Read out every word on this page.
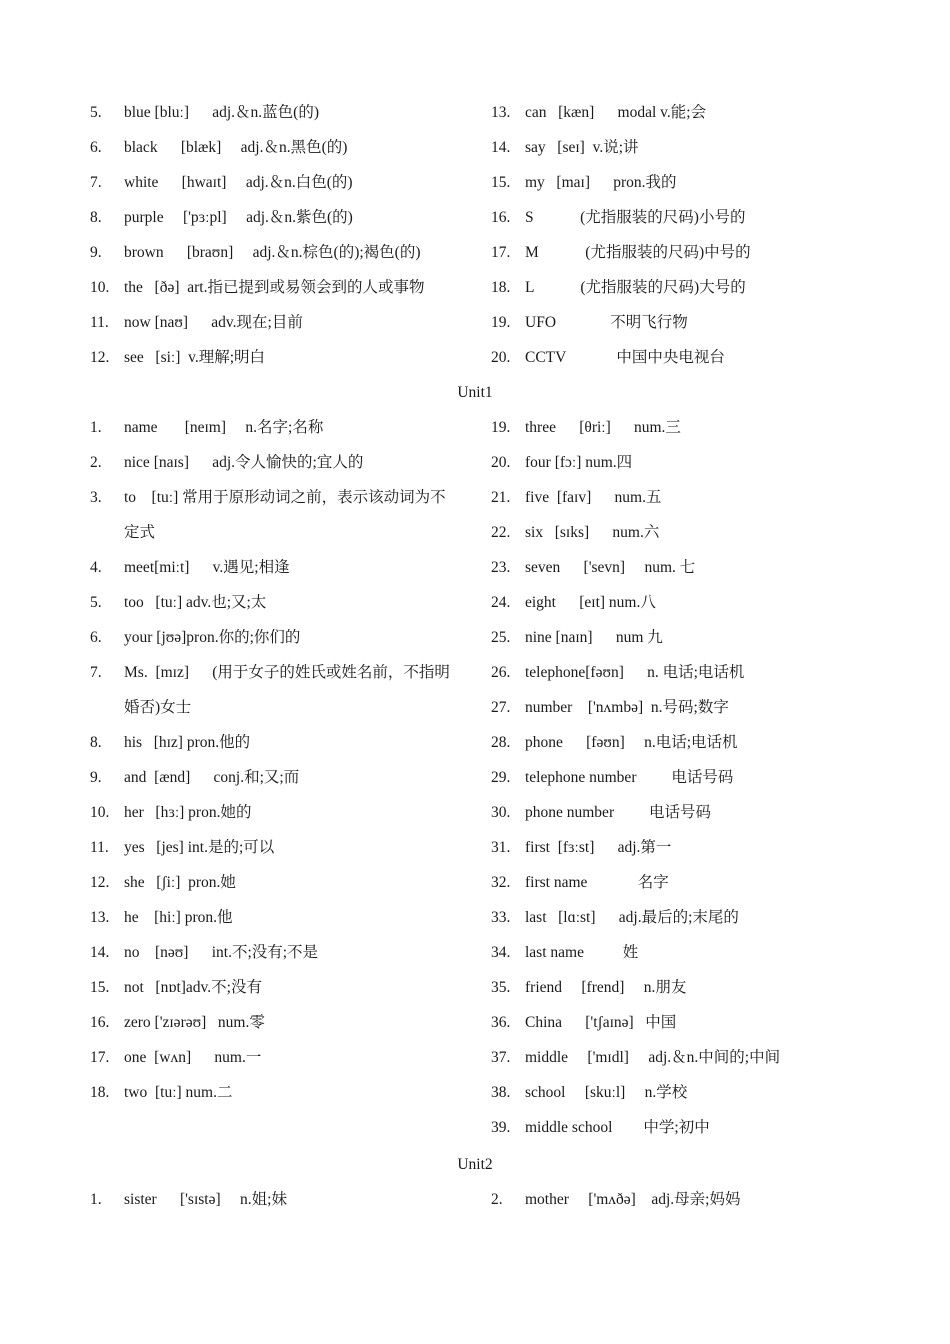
5. blue [bluː]      adj.＆n.蓝色(的)
6. black      [blæk]     adj.＆n.黑色(的)
7. white      [hwaɪt]     adj.＆n.白色(的)
8. purple     ['pɜːpl]     adj.＆n.紫色(的)
9. brown      [braʊn]     adj.＆n.棕色(的);褐色(的)
10. the   [ðə]  art.指已提到或易领会到的人或事物
11. now [naʊ]      adv.现在;目前
12. see   [siː]  v.理解;明白
13. can   [kæn]      modal v.能;会
14. say   [seɪ]  v.说;讲
15. my   [maɪ]      pron.我的
16. S            (尤指服装的尺码)小号的
17. M            (尤指服装的尺码)中号的
18. L            (尤指服装的尺码)大号的
19. UFO              不明飞行物
20. CCTV             中国中央电视台
Unit1
1. name       [neɪm]     n.名字;名称
2. nice [naɪs]      adj.令人愉快的;宜人的
3. to    [tuː] 常用于原形动词之前，表示该动词为不定式
4. meet[miːt]      v.遇见;相逢
5. too   [tuː] adv.也;又;太
6. your [jʊə]pron.你的;你们的
7. Ms.  [mɪz]      (用于女子的姓氏或姓名前，不指明婚否)女士
8. his   [hɪz] pron.他的
9. and  [ænd]      conj.和;又;而
10. her   [hɜː] pron.她的
11. yes   [jes] int.是的;可以
12. she   [ʃiː]  pron.她
13. he    [hiː] pron.他
14. no    [nəʊ]      int.不;没有;不是
15. not   [nɒt]adv.不;没有
16. zero ['zɪərəʊ]   num.零
17. one  [wʌn]      num.一
18. two  [tuː] num.二
19. three      [θriː]      num.三
20. four [fɔː] num.四
21. five  [faɪv]      num.五
22. six   [sɪks]      num.六
23. seven      ['sevn]     num. 七
24. eight      [eɪt] num.八
25. nine [naɪn]      num 九
26. telephone[fəʊn]      n. 电话;电话机
27. number    ['nʌmbə]  n.号码;数字
28. phone      [fəʊn]     n.电话;电话机
29. telephone number         电话号码
30. phone number         电话号码
31. first  [fɜːst]      adj.第一
32. first name             名字
33. last   [lɑːst]      adj.最后的;末尾的
34. last name          姓
35. friend     [frend]     n.朋友
36. China      ['tʃaɪnə]   中国
37. middle     ['mɪdl]     adj.＆n.中间的;中间
38. school     [skuːl]     n.学校
39. middle school        中学;初中
Unit2
1. sister      ['sɪstə]     n.姐;妹	2. mother     ['mʌðə]    adj.母亲;妈妈
